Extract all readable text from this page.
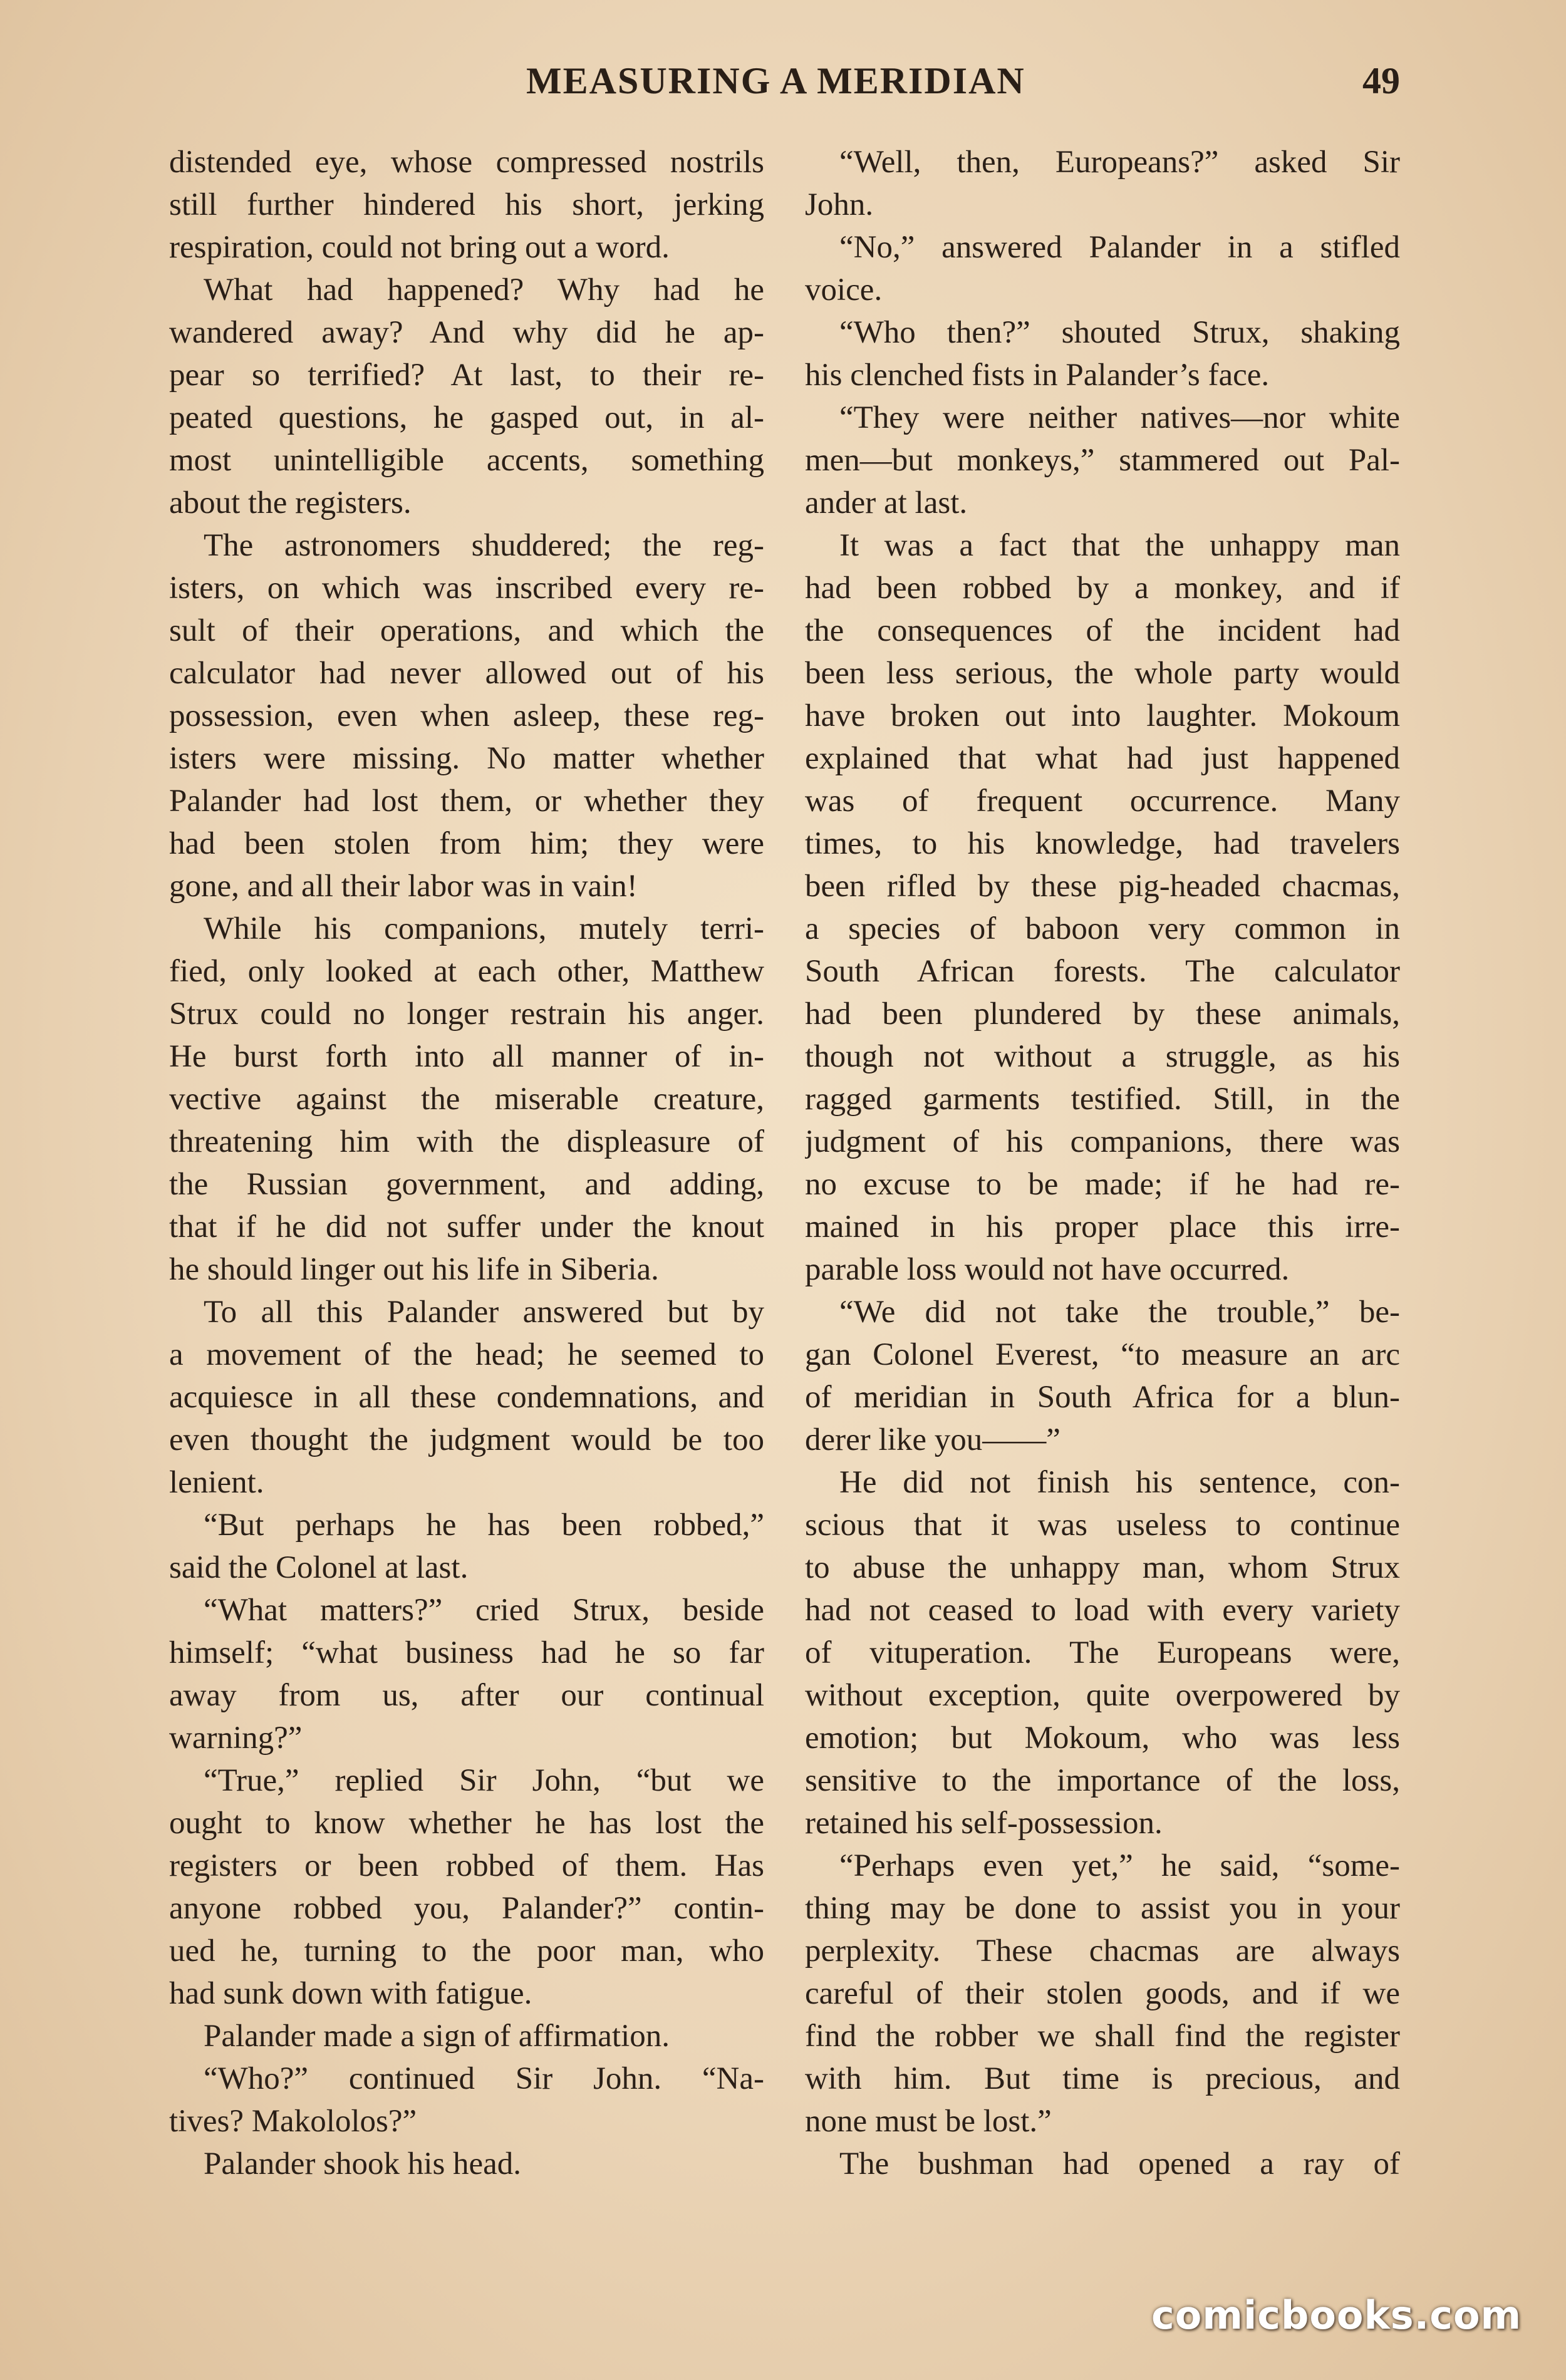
MEASURING A MERIDIAN	49
distended eye, whose compressed nostrils
still further hindered his short, jerking
respiration, could not bring out a word.
What had happened? Why had he
wandered away? And why did he ap-
pear so terrified? At last, to their re-
peated questions, he gasped out, in al-
most unintelligible accents, something
about the registers.
The astronomers shuddered; the reg-
isters, on which was inscribed every re-
sult of their operations, and which the
calculator had never allowed out of his
possession, even when asleep, these reg-
isters were missing. No matter whether
Palander had lost them, or whether they
had been stolen from him; they were
gone, and all their labor was in vain!
While his companions, mutely terri-
fied, only looked at each other, Matthew
Strux could no longer restrain his anger.
He burst forth into all manner of in-
vective against the miserable creature,
threatening him with the displeasure of
the Russian government, and adding,
that if he did not suffer under the knout
he should linger out his life in Siberia.
To all this Palander answered but by
a movement of the head; he seemed to
acquiesce in all these condemnations, and
even thought the judgment would be too
lenient.
“But perhaps he has been robbed,”
said the Colonel at last.
“What matters?” cried Strux, beside
himself; “what business had he so far
away from us, after our continual
warning?”
“True,” replied Sir John, “but we
ought to know whether he has lost the
registers or been robbed of them. Has
anyone robbed you, Palander?” contin-
ued he, turning to the poor man, who
had sunk down with fatigue.
Palander made a sign of affirmation.
“Who?” continued Sir John. “Na-
tives? Makololos?”
Palander shook his head.
“Well, then, Europeans?” asked Sir
John.
“No,” answered Palander in a stifled
voice.
“Who then?” shouted Strux, shaking
his clenched fists in Palander’s face.
“They were neither natives—nor white
men—but monkeys,” stammered out Pal-
ander at last.
It was a fact that the unhappy man
had been robbed by a monkey, and if
the consequences of the incident had
been less serious, the whole party would
have broken out into laughter. Mokoum
explained that what had just happened
was of frequent occurrence. Many
times, to his knowledge, had travelers
been rifled by these pig-headed chacmas,
a species of baboon very common in
South African forests. The calculator
had been plundered by these animals,
though not without a struggle, as his
ragged garments testified. Still, in the
judgment of his companions, there was
no excuse to be made; if he had re-
mained in his proper place this irre-
parable loss would not have occurred.
“We did not take the trouble,” be-
gan Colonel Everest, “to measure an arc
of meridian in South Africa for a blun-
derer like you——”
He did not finish his sentence, con-
scious that it was useless to continue
to abuse the unhappy man, whom Strux
had not ceased to load with every variety
of vituperation. The Europeans were,
without exception, quite overpowered by
emotion; but Mokoum, who was less
sensitive to the importance of the loss,
retained his self-possession.
“Perhaps even yet,” he said, “some-
thing may be done to assist you in your
perplexity. These chacmas are always
careful of their stolen goods, and if we
find the robber we shall find the register
with him. But time is precious, and
none must be lost.”
The bushman had opened a ray of
comicbooks.com
